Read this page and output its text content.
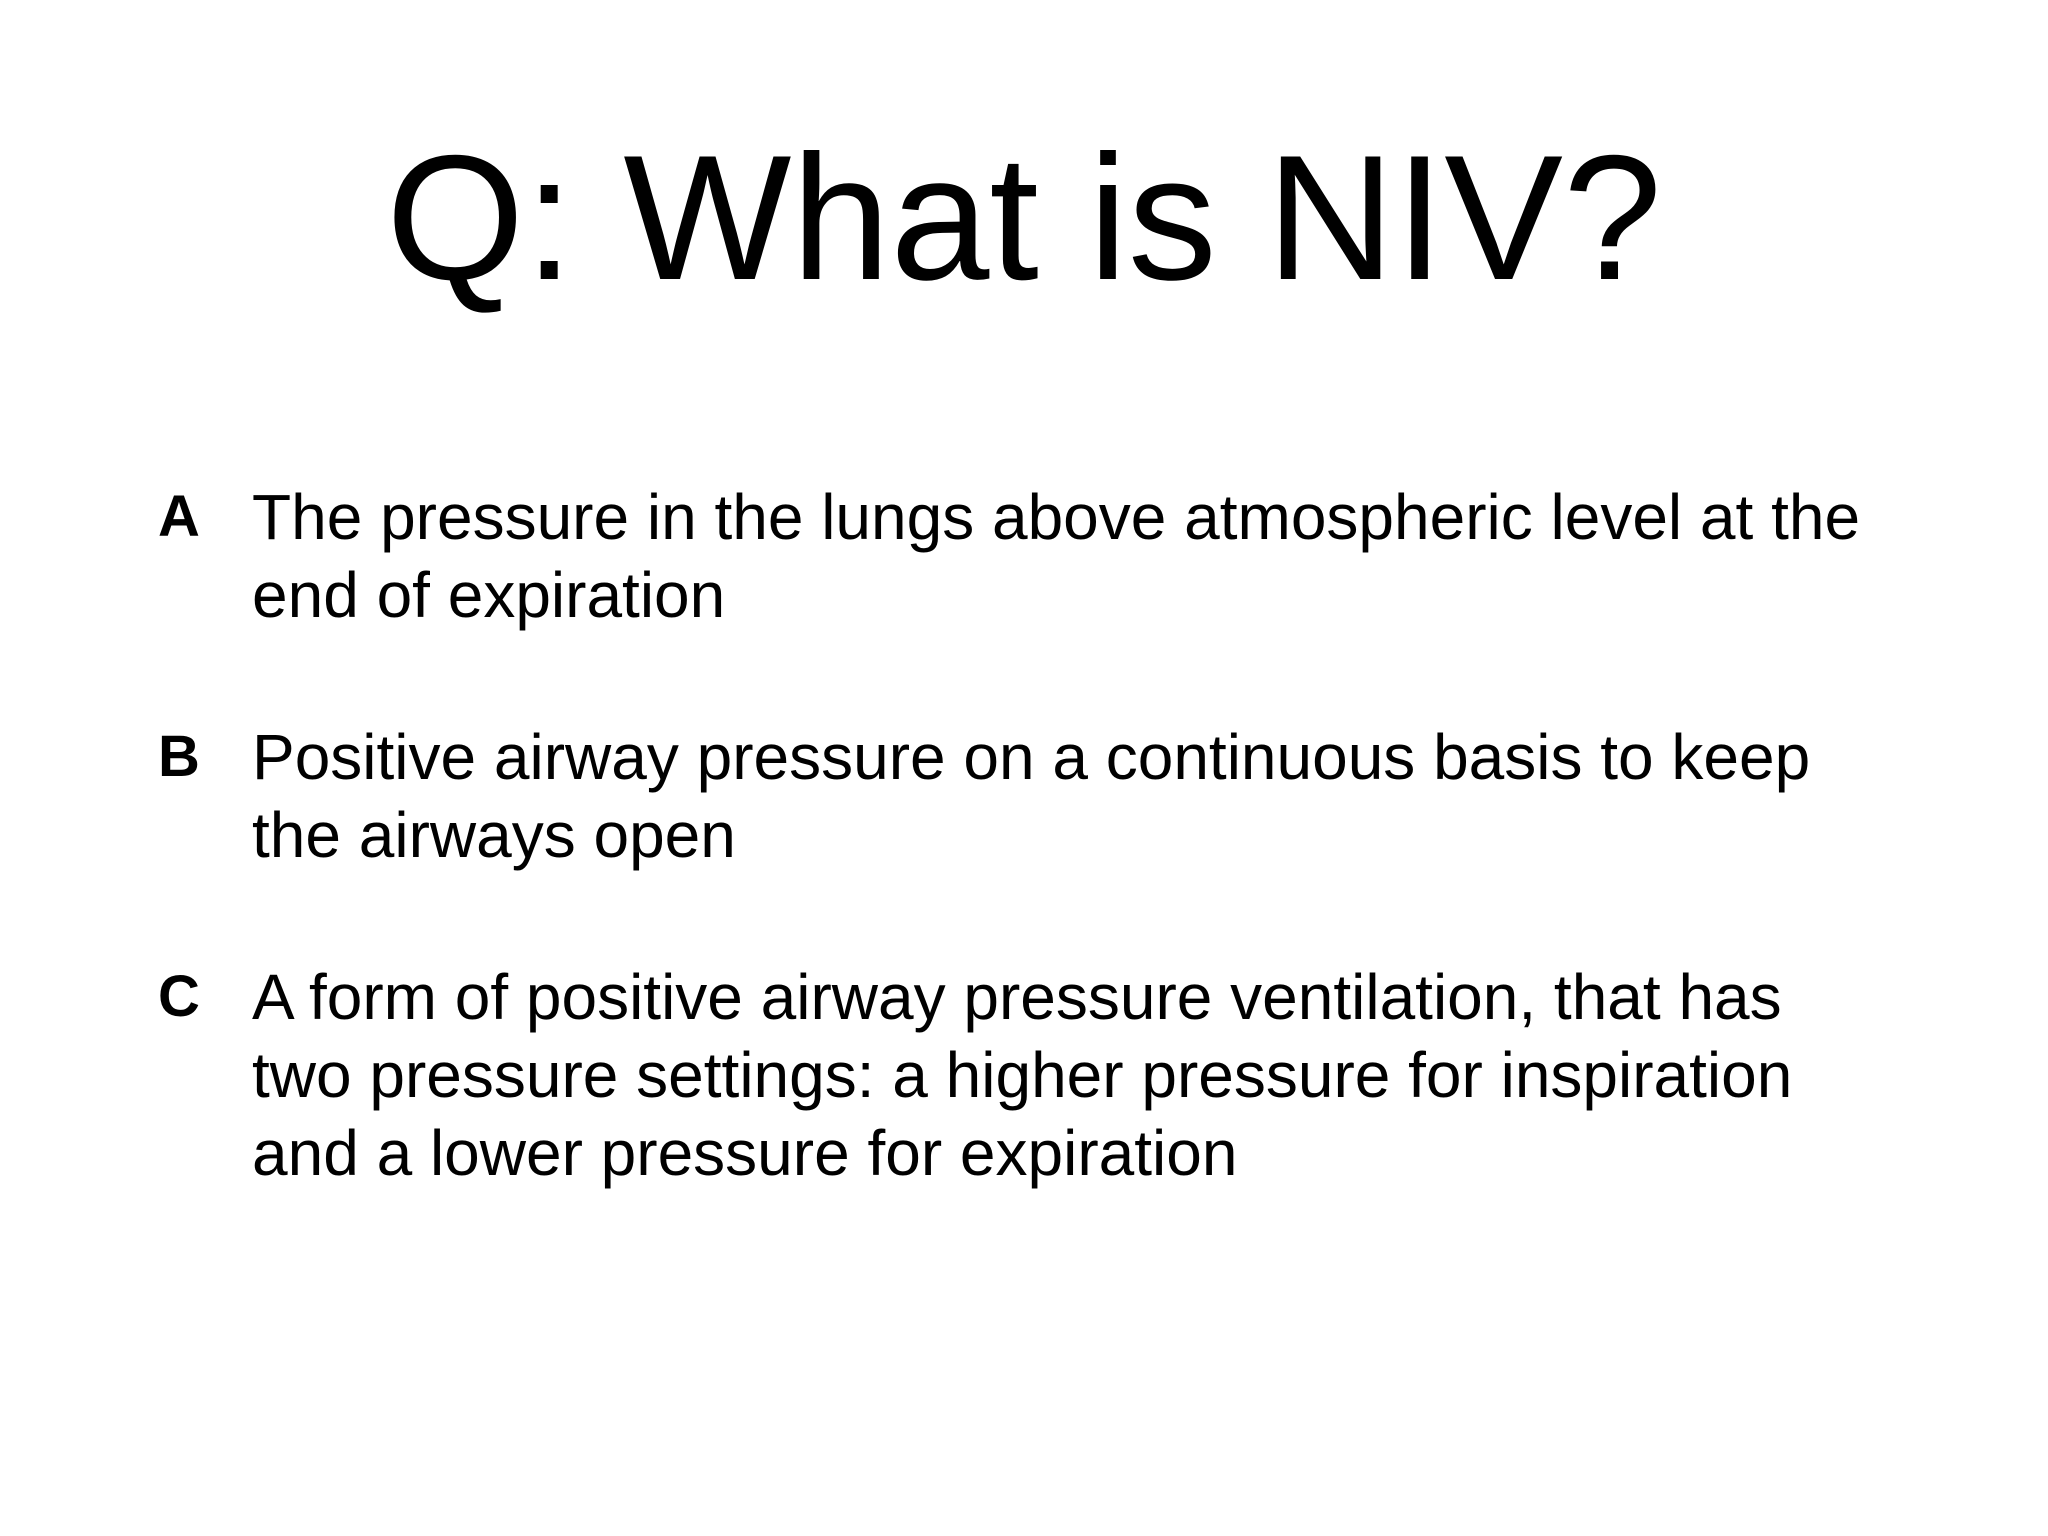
Q: What is NIV?
A The pressure in the lungs above atmospheric level at the
end of expiration
B Positive airway pressure on a continuous basis to keep
the airways open
C A form of positive airway pressure ventilation, that has
two pressure settings: a higher pressure for inspiration
and a lower pressure for expiration
